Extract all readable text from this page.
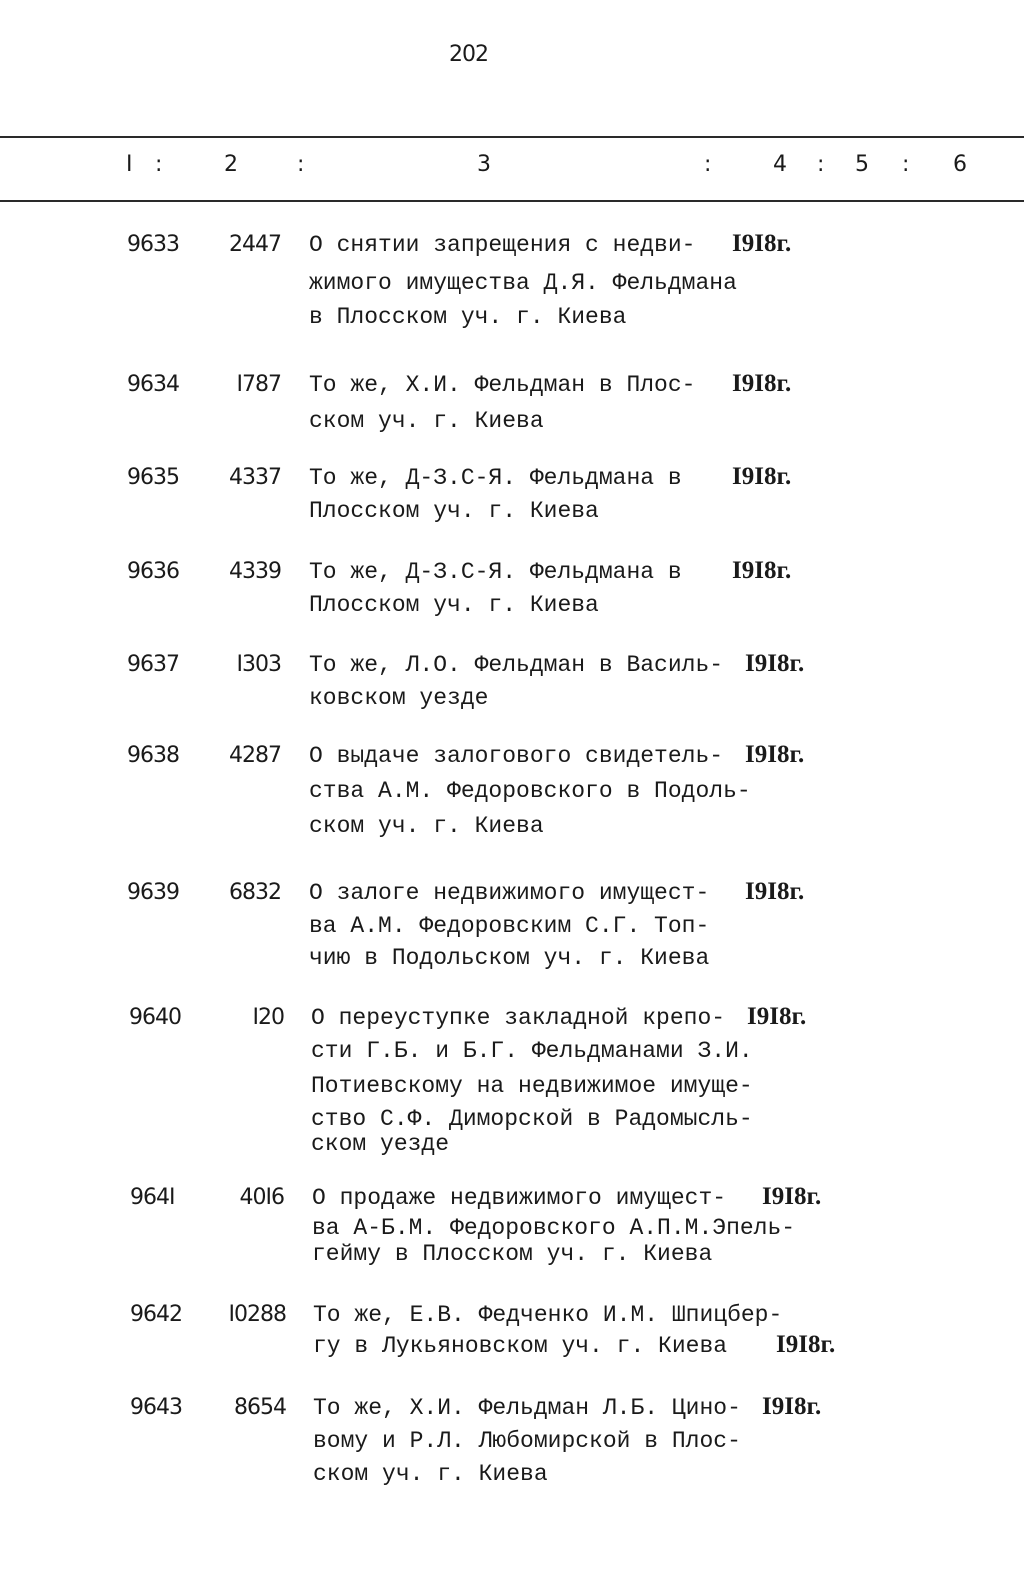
202
I :	2	:	3	:	4 : 5 : 6
9633	2447 О снятии запрещения с недви- I9I8г.
жимого имущества Д.Я. Фельдмана
в Плосском уч. г. Киева
9634	I787 То же, Х.И. Фельдман в Плос- I9I8г.
ском уч. г. Киева
9635	4337 То же, Д-З.С-Я. Фельдмана в I9I8г.
Плосском уч. г. Киева
9636	4339 То же, Д-З.С-Я. Фельдмана в I9I8г.
Плосском уч. г. Киева
9637	I303 То же, Л.О. Фельдман в Василь- I9I8г.
ковском уезде
9638	4287 О выдаче залогового свидетель- I9I8г.
ства А.М. Федоровского в Подоль-
ском уч. г. Киева
9639	6832 О залоге недвижимого имущест- I9I8г.
ва А.М. Федоровским С.Г. Топ-
чию в Подольском уч. г. Киева
9640	I20 О переуступке закладной крепо- I9I8г.
сти Г.Б. и Б.Г. Фельдманами З.И.
Потиевскому на недвижимое имуще-
ство С.Ф. Диморской в Радомысль-
ском уезде
964I	40I6 О продаже недвижимого имущест- I9I8г.
ва А-Б.М. Федоровского А.П.М.Эпель-
гейму в Плосском уч. г. Киева
9642	I0288 То же, Е.В. Федченко И.М. Шпицбер-
гу в Лукьяновском уч. г. Киева I9I8г.
9643	8654 То же, Х.И. Фельдман Л.Б. Цино- I9I8г.
вому и Р.Л. Любомирской в Плос-
ском уч. г. Киева
